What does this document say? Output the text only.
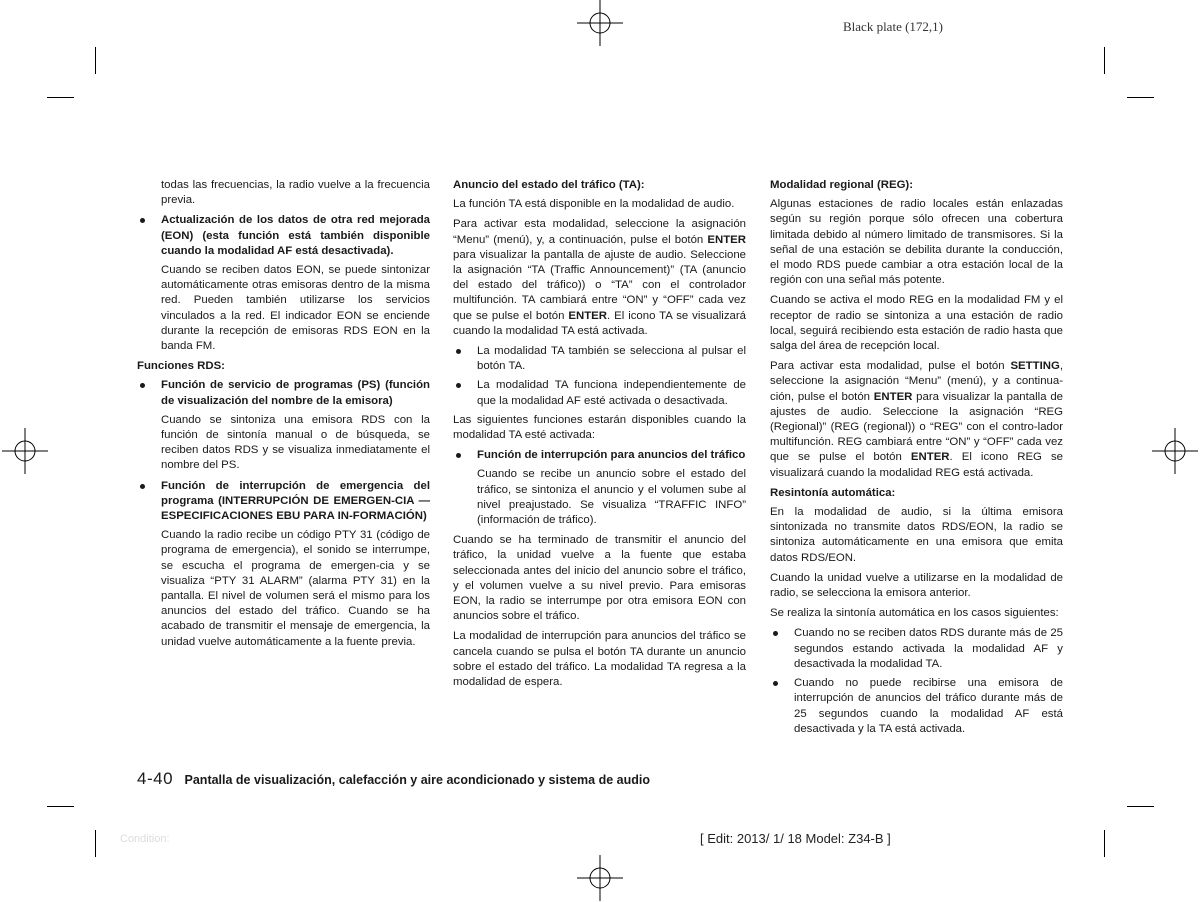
Black plate (172,1)

todas las frecuencias, la radio vuelve a la frecuencia previa.

Actualización de los datos de otra red mejorada (EON) (esta función está también disponible cuando la modalidad AF está desactivada).

Cuando se reciben datos EON, se puede sintonizar automáticamente otras emisoras dentro de la misma red. Pueden también utilizarse los servicios vinculados a la red. El indicador EON se enciende durante la recepción de emisoras RDS EON en la banda FM.

Funciones RDS:
Función de servicio de programas (PS) (función de visualización del nombre de la emisora)

Cuando se sintoniza una emisora RDS con la función de sintonía manual o de búsqueda, se reciben datos RDS y se visualiza inmediatamente el nombre del PS.

Función de interrupción de emergencia del programa (INTERRUPCIÓN DE EMERGEN-CIA — ESPECIFICACIONES EBU PARA IN-FORMACIÓN)

Cuando la radio recibe un código PTY 31 (código de programa de emergencia), el sonido se interrumpe, se escucha el programa de emergen-cia y se visualiza “PTY 31 ALARM” (alarma PTY 31) en la pantalla. El nivel de volumen será el mismo para los anuncios del estado del tráfico. Cuando se ha acabado de transmitir el mensaje de emergencia, la unidad vuelve automáticamente a la fuente previa.

Anuncio del estado del tráfico (TA):

La función TA está disponible en la modalidad de audio.

Para activar esta modalidad, seleccione la asignación “Menu” (menú), y, a continuación, pulse el botón ENTER para visualizar la pantalla de ajuste de audio. Seleccione la asignación “TA (Traffic Announcement)” (TA (anuncio del estado del tráfico)) o “TA” con el controlador multifunción. TA cambiará entre “ON” y “OFF” cada vez que se pulse el botón ENTER. El icono TA se visualizará cuando la modalidad TA está activada.

La modalidad TA también se selecciona al pulsar el botón TA.
La modalidad TA funciona independientemente de que la modalidad AF esté activada o desactivada.

Las siguientes funciones estarán disponibles cuando la modalidad TA esté activada:

Función de interrupción para anuncios del tráfico

Cuando se recibe un anuncio sobre el estado del tráfico, se sintoniza el anuncio y el volumen sube al nivel preajustado. Se visualiza “TRAFFIC INFO” (información de tráfico).

Cuando se ha terminado de transmitir el anuncio del tráfico, la unidad vuelve a la fuente que estaba seleccionada antes del inicio del anuncio sobre el tráfico, y el volumen vuelve a su nivel previo. Para emisoras EON, la radio se interrumpe por otra emisora EON con anuncios sobre el tráfico.

La modalidad de interrupción para anuncios del tráfico se cancela cuando se pulsa el botón TA durante un anuncio sobre el estado del tráfico. La modalidad TA regresa a la modalidad de espera.

Modalidad regional (REG):

Algunas estaciones de radio locales están enlazadas según su región porque sólo ofrecen una cobertura limitada debido al número limitado de transmisores. Si la señal de una estación se debilita durante la conducción, el modo RDS puede cambiar a otra estación local de la región con una señal más potente.

Cuando se activa el modo REG en la modalidad FM y el receptor de radio se sintoniza a una estación de radio local, seguirá recibiendo esta estación de radio hasta que salga del área de recepción local.

Para activar esta modalidad, pulse el botón SETTING, seleccione la asignación “Menu” (menú), y a continua-ción, pulse el botón ENTER para visualizar la pantalla de ajustes de audio. Seleccione la asignación “REG (Regional)” (REG (regional)) o “REG” con el contro-lador multifunción. REG cambiará entre “ON” y “OFF” cada vez que se pulse el botón ENTER. El icono REG se visualizará cuando la modalidad REG está activada.

Resintonía automática:

En la modalidad de audio, si la última emisora sintonizada no transmite datos RDS/EON, la radio se sintoniza automáticamente en una emisora que emita datos RDS/EON.

Cuando la unidad vuelve a utilizarse en la modalidad de radio, se selecciona la emisora anterior.

Se realiza la sintonía automática en los casos siguientes:

Cuando no se reciben datos RDS durante más de 25 segundos estando activada la modalidad AF y desactivada la modalidad TA.
Cuando no puede recibirse una emisora de interrupción de anuncios del tráfico durante más de 25 segundos cuando la modalidad AF está desactivada y la TA está activada.
4-40 Pantalla de visualización, calefacción y aire acondicionado y sistema de audio
Condition:	[ Edit: 2013/ 1/ 18 Model: Z34-B ]
